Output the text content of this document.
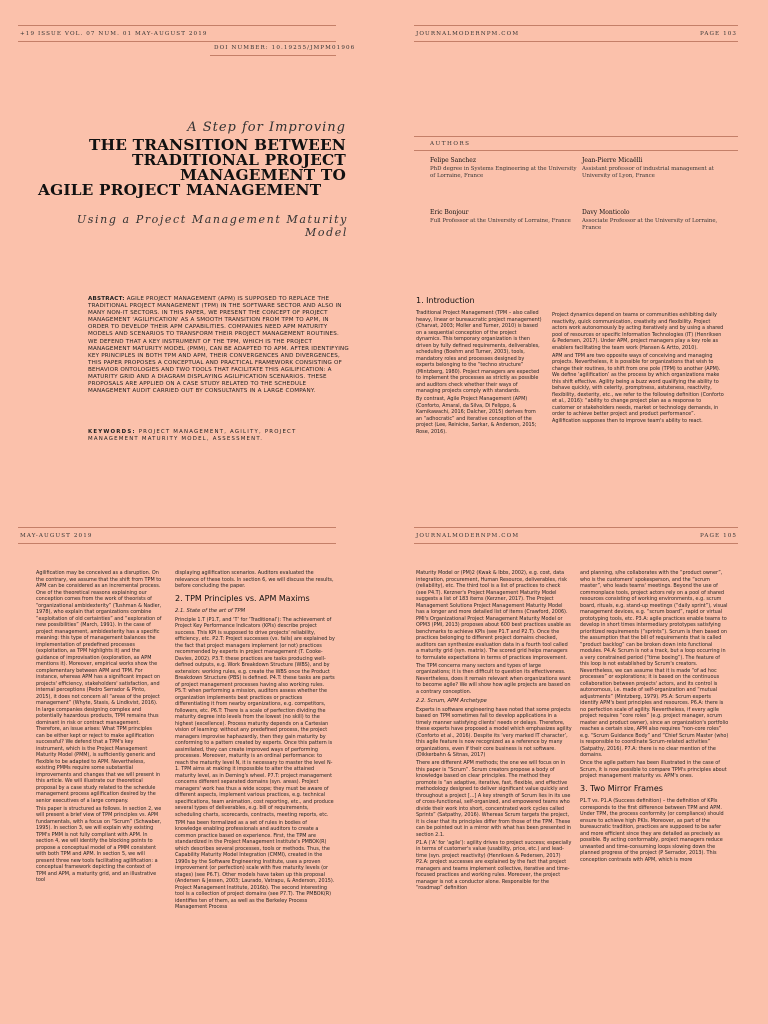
+19 ISSUE VOL. 07 NUM. 01 MAY-AUGUST 2019
DOI NUMBER: 10.19255/JMPM01906
A Step for Improving
THE TRANSITION BETWEEN
TRADITIONAL PROJECT
MANAGEMENT TO
AGILE PROJECT MANAGEMENT
Using a Project Management Maturity Model
ABSTRACT: AGILE PROJECT MANAGEMENT (APM) IS SUPPOSED TO REPLACE THE TRADITIONAL PROJECT MANAGEMENT (TPM) IN THE SOFTWARE SECTOR AND ALSO IN MANY NON-IT SECTORS. IN THIS PAPER, WE PRESENT THE CONCEPT OF PROJECT MANAGEMENT 'AGILIFICATION' AS A SMOOTH TRANSITION FROM TPM TO APM, IN ORDER TO DEVELOP THEIR APM CAPABILITIES. COMPANIES NEED APM MATURITY MODELS AND SCENARIOS TO TRANSFORM THEIR PROJECT MANAGEMENT ROUTINES. WE DEFEND THAT A KEY INSTRUMENT OF THE TPM, WHICH IS THE PROJECT MANAGEMENT MATURITY MODEL (PMM), CAN BE ADAPTED TO APM. AFTER IDENTIFYING KEY PRINCIPLES IN BOTH TPM AND APM, THEIR CONVERGENCES AND DIVERGENCES, THIS PAPER PROPOSES A CONCEPTUAL AND PRACTICAL FRAMEWORK CONSISTING OF BEHAVIOR ONTOLOGIES AND TWO TOOLS THAT FACILITATE THIS AGILIFICATION: A MATURITY GRID AND A DIAGRAM DISPLAYING AGILIFICATION SCENARIOS. THESE PROPOSALS ARE APPLIED ON A CASE STUDY RELATED TO THE SCHEDULE MANAGEMENT AUDIT CARRIED OUT BY CONSULTANTS IN A LARGE COMPANY.
KEYWORDS: PROJECT MANAGEMENT, AGILITY, PROJECT MANAGEMENT MATURITY MODEL, ASSESSMENT.
JOURNALMODERNPM.COM	PAGE 103
AUTHORS
Felipe Sanchez
PhD degree in Systems Engineering at the University of Lorraine, France
Jean-Pierre Micaëlli
Assistant professor of industrial management at University of Lyon, France
Eric Bonjour
Full Professor at the University of Lorraine, France
Davy Monticolo
Associate Professor at the University of Lorraine, France
1. Introduction

Traditional Project Management (TPM – also called heavy, linear or bureaucratic project management) (Charvat, 2003; Moller and Turner, 2010) is based on a sequential conception of the project dynamics. This temporary organization is then driven by fully defined requirements, deliverables, scheduling (Boehm and Turner, 2003), tools, mandatory roles and processes designed by experts belonging to the “techno structure” (Mintzberg, 1980). Project managers are expected to implement the processes as strictly as possible and auditors check whether their ways of managing projects comply with standards.

By contrast, Agile Project Management (APM) (Conforto, Amaral, da Silva, Di Felippo, & Kamikawachi, 2016; Dalcher, 2015) derives from an “adhocratic” and iterative conception of the project (Lee, Reinicke, Sarkar, & Anderson, 2015; Rose, 2016).

Project dynamics depend on teams or communities exhibiting daily reactivity, quick communication, creativity and flexibility. Project actors work autonomously by acting iteratively and by using a shared pool of resources or specific Information Technologies (IT) (Henriksen & Pedersen, 2017). Under APM, project managers play a key role as enablers facilitating the team work (Hansen & Artto, 2010).

APM and TPM are two opposite ways of conceiving and managing projects. Nevertheless, it is possible for organizations that wish to change their routines, to shift from one pole (TPM) to another (APM). We define ‘agilification’ as the process by which organizations make this shift effective. Agility being a buzz word qualifying the ability to behave quickly, with celerity, promptness, astuteness, reactivity, flexibility, dexterity, etc., we refer to the following definition (Conforto et al., 2016): “ability to change project plan as a response to customer or stakeholders needs, market or technology demands, in order to achieve better project and product performance”. Agilification supposes then to improve team's ability to react.

MAY-AUGUST 2019

Agilification may be conceived as a disruption. On the contrary, we assume that the shift from TPM to APM can be considered as an incremental process. One of the theoretical reasons explaining our conception comes from the work of theorists of “organizational ambidexterity” (Tushman & Nadler, 1978), who explain that organizations combine “exploitation of old certainties” and “exploration of new possibilities” (March, 1991). In the case of project management, ambidexterity has a specific meaning: this type of management balances the implementation of predefined processes (exploitation, as TPM highlights it) and the guidance of improvisation (exploration, as APM mentions it). Moreover, empirical works show the complementary between APM and TPM. For instance, whereas APM has a significant impact on projects' efficiency, stakeholders' satisfaction, and internal perceptions (Pedro Serrador & Pinto, 2015), it does not concern all “areas of the project management” (Whyte, Stasis, & Lindkvist, 2016). In large companies designing complex and potentially hazardous products, TPM remains thus dominant in risk or contract management. Therefore, an issue arises: What TPM principles can be either kept or reject to make agilification successful? We defend that a TPM's key instrument, which is the Project Management Maturity Model (PMM), is sufficiently generic and flexible to be adapted to APM. Nevertheless, existing PMMs require some substantial improvements and changes that we will present in this article. We will illustrate our theoretical proposal by a case study related to the schedule management process agilification desired by the senior executives of a large company.

This paper is structured as follows. In section 2, we will present a brief view of TPM principles vs. APM fundamentals, with a focus on “Scrum” (Schwaber, 1995). In section 3, we will explain why existing TPM's PMM is not fully compliant with APM. In section 4, we will identify the blocking points to propose a conceptual model of a PMM consistent with both TPM and APM. In section 5, we will present three new tools facilitating agilification: a conceptual framework depicting the context of TPM and APM, a maturity grid, and an illustrative tool

displaying agilification scenarios. Auditors evaluated the relevance of these tools. In section 6, we will discuss the results, before concluding the paper.

2. TPM Principles vs. APM Maxims
2.1. State of the art of TPM

Principle 1.T (P1.T, and ‘T’ for ‘Traditional’): The achievement of Project Key Performance Indicators (KPIs) describe project success. This KPI is supposed to drive projects' reliability, efficiency, etc. P2.T: Project successes (vs. fails) are explained by the fact that project managers implement (or not) practices recommended by experts in project management (T. Cooke-Davies, 2002). P3.T: these practices are tasks producing well-defined outputs, e.g. Work Breakdown Structure (WBS), and by extension: working rules, e.g. create the WBS once the Product Breakdown Structure (PBS) is defined. P4.T: these tasks are parts of project management processes having also working rules. P5.T: when performing a mission, auditors assess whether the organization implements best practices or practices differentiating it from nearby organizations, e.g. competitors, followers, etc. P6.T: There is a scale of perfection dividing the maturity degree into levels from the lowest (no skill) to the highest (excellence). Process maturity depends on a Cartesian vision of learning: without any predefined process, the project managers improvise haphazardly, then they gain maturity by conforming to a pattern created by experts. Once this pattern is assimilated, they can create improved ways of performing processes. Moreover, maturity is an ordinal performance: to reach the maturity level N, it is necessary to master the level N-1. TPM aims at making it impossible to alter the attained maturity level, as in Deming's wheel. P7.T: project management concerns different separated domains (syn. areas). Project managers' work has thus a wide scope; they must be aware of different aspects, implement various practices, e.g. technical specifications, team animation, cost reporting, etc., and produce several types of deliverables, e.g. bill of requirements, scheduling charts, scorecards, contracts, meeting reports, etc.

TPM has been formalized as a set of rules in bodies of knowledge enabling professionals and auditors to create a common practice based on experience. First, the TPM are standardized in the Project Management Institute's PMBOK(R) which describes several processes, tools or methods. Thus, the Capability Maturity Model Integration (CMMI), created in the 1990s by the Software Engineering Institute, uses a proven improvement (or perfection) scale with five maturity levels (or stages) (see P6.T). Other models have taken up this proposal (Andersen & Jessen, 2003; Laurado, Vatrapu, & Anderson, 2015). Project Management Institute, 2016b). The second interesting tool is a collection of project domains (see P7.T). The PMBOK(R) identifies ten of them, as well as the Berkeley Process Management Process

JOURNALMODERNPM.COM	PAGE 105

Maturity Model or (PM)2 (Kwak & Ibbs, 2002), e.g. cost, data integration, procurement, Human Resource, deliverables, risk (reliability), etc. The third tool is a list of practices to check (see P4.T). Kerzner's Project Management Maturity Model suggests a list of 183 items (Kerzner, 2017). The Project Management Solutions Project Management Maturity Model has a longer and more detailed list of items (Crawford, 2006). PMI's Organizational Project Management Maturity Model or OPM3 (PMI, 2013) proposes about 600 best practices usable as benchmarks to achieve KPIs (see P1.T and P2.T). Once the practices belonging to different project domains checked, auditors can synthesize evaluation data in a fourth tool called a maturity grid (syn. matrix). The scored grid helps managers to formulate expectations in terms of practices improvement.

The TPM concerns many sectors and types of large organizations; it is then difficult to question its effectiveness. Nevertheless, does it remain relevant when organizations want to become agile? We will show how agile projects are based on a contrary conception.

2.2. Scrum, APM Archetype

Experts in software engineering have noted that some projects based on TPM sometimes fail to develop applications in a timely manner satisfying clients' needs or delays. Therefore, these experts have proposed a model which emphasizes agility (Conforto et al., 2016). Despite its ‘very marked IT character’, this agile feature is now recognized as a reference by many organizations, even if their core business is not software. (Dikkerbahn & Sitnas, 2017)

There are different APM methods; the one we will focus on in this paper is “Scrum”. Scrum creators propose a body of knowledge based on clear principles. The method they promote is “an adaptive, iterative, fast, flexible, and effective methodology designed to deliver significant value quickly and throughout a project [...] A key strength of Scrum lies in its use of cross-functional, self-organized, and empowered teams who divide their work into short, concentrated work cycles called Sprints” (Satpathy, 2016). Whereas Scrum targets the project, it is clear that its principles differ from those of the TPM. These can be pointed out in a mirror with what has been presented in section 2.1.

P1.A (‘A’ for ‘agile’): agility drives to project success; especially in terms of customer's value (usability, price, etc.) and lead-time (syn. project reactivity) (Henriksen & Pedersen, 2017) P2.A: project successes are explained by the fact that project managers and teams implement collective, iterative and time-focused practices and working rules. Moreover, the project manager is not a conductor alone. Responsible for the “roadmap” definition

and planning, s/he collaborates with the “product owner”, who is the customers' spokesperson, and the “scrum master”, who leads teams' meetings. Beyond the use of commonplace tools, project actors rely on a pool of shared resources consisting of working environments, e.g. scrum board, rituals, e.g. stand-up meetings (“daily sprint”), visual management devices, e.g. “scrum board”, rapid or virtual prototyping tools, etc. P3.A: agile practices enable teams to develop in short times intermediary prototypes satisfying prioritized requirements (“sprints”). Scrum is then based on the assumption that the bill of requirements that is called “product backlog” can be broken down into functional modules. P4.A: Scrum is not a track, but a loop occurring in a very constrained period (“time boxing”). The feature of this loop is not established by Scrum's creators. Nevertheless, we can assume that it is made “of ad hoc processes” or explorations; it is based on the continuous collaboration between projects' actors, and its control is autonomous, i.e. made of self-organization and “mutual adjustments” (Mintzberg, 1979). P5.A: Scrum experts identify APM's best principles and resources. P6.A: there is no perfection scale of agility. Nevertheless, if every agile project requires “core roles” (e.g. project manager, scrum master and product owner), since an organization's portfolio reaches a certain size, APM also requires “non-core roles” e.g. “Scrum Guidance Body” and “Chief Scrum Master (who) is responsible to coordinate Scrum-related activities” (Satpathy, 2016). P7.A: there is no clear mention of the domains.

Once the agile pattern has been illustrated in the case of Scrum, it is now possible to compare TPM's principles about project management maturity vs. APM's ones.

3. Two Mirror Frames

P1.T vs. P1.A (Success definition) – the definition of KPIs corresponds to the first difference between TPM and APM. Under TPM, the process conformity (or compliance) should ensure to achieve high PKIs. Moreover, as part of the bureaucratic tradition, practices are supposed to be safer and more efficient since they are detailed as precisely as possible. By acting conformably, project managers reduce unwanted and time-consuming loops slowing down the planned progress of the project (P Serrador, 2013). This conception contrasts with APM, which is more
